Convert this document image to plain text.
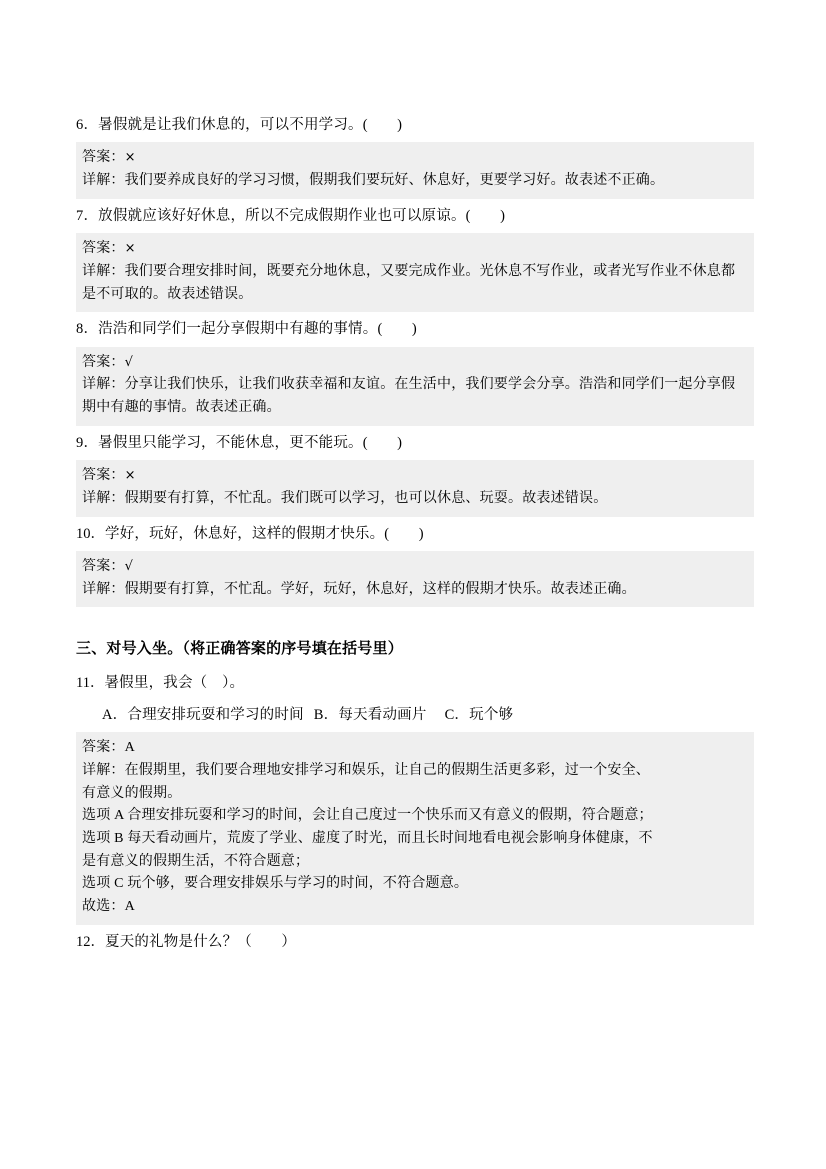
6．暑假就是让我们休息的，可以不用学习。(　　)

答案：×

详解：我们要养成良好的学习习惯，假期我们要玩好、休息好，更要学习好。故表述不正确。

7．放假就应该好好休息，所以不完成假期作业也可以原谅。(　　)

答案：×

详解：我们要合理安排时间，既要充分地休息，又要完成作业。光休息不写作业，或者光写作业不休息都是不可取的。故表述错误。

8．浩浩和同学们一起分享假期中有趣的事情。(　　)

答案：√

详解：分享让我们快乐，让我们收获幸福和友谊。在生活中，我们要学会分享。浩浩和同学们一起分享假期中有趣的事情。故表述正确。

9．暑假里只能学习，不能休息，更不能玩。(　　)

答案：×

详解：假期要有打算，不忙乱。我们既可以学习，也可以休息、玩耍。故表述错误。

10．学好，玩好，休息好，这样的假期才快乐。(　　)

答案：√

详解：假期要有打算，不忙乱。学好，玩好，休息好，这样的假期才快乐。故表述正确。

三、对号入坐。（将正确答案的序号填在括号里）

11．暑假里，我会（　）。

A．合理安排玩耍和学习的时间 B．每天看动画片 C．玩个够

答案：A

详解：在假期里，我们要合理地安排学习和娱乐，让自己的假期生活更多彩，过一个安全、

有意义的假期。

选项 A 合理安排玩耍和学习的时间，会让自己度过一个快乐而又有意义的假期，符合题意；

选项 B 每天看动画片，荒废了学业、虚度了时光，而且长时间地看电视会影响身体健康，不

是有意义的假期生活，不符合题意；

选项 C 玩个够，要合理安排娱乐与学习的时间，不符合题意。

故选：A

12．夏天的礼物是什么？（　　）
